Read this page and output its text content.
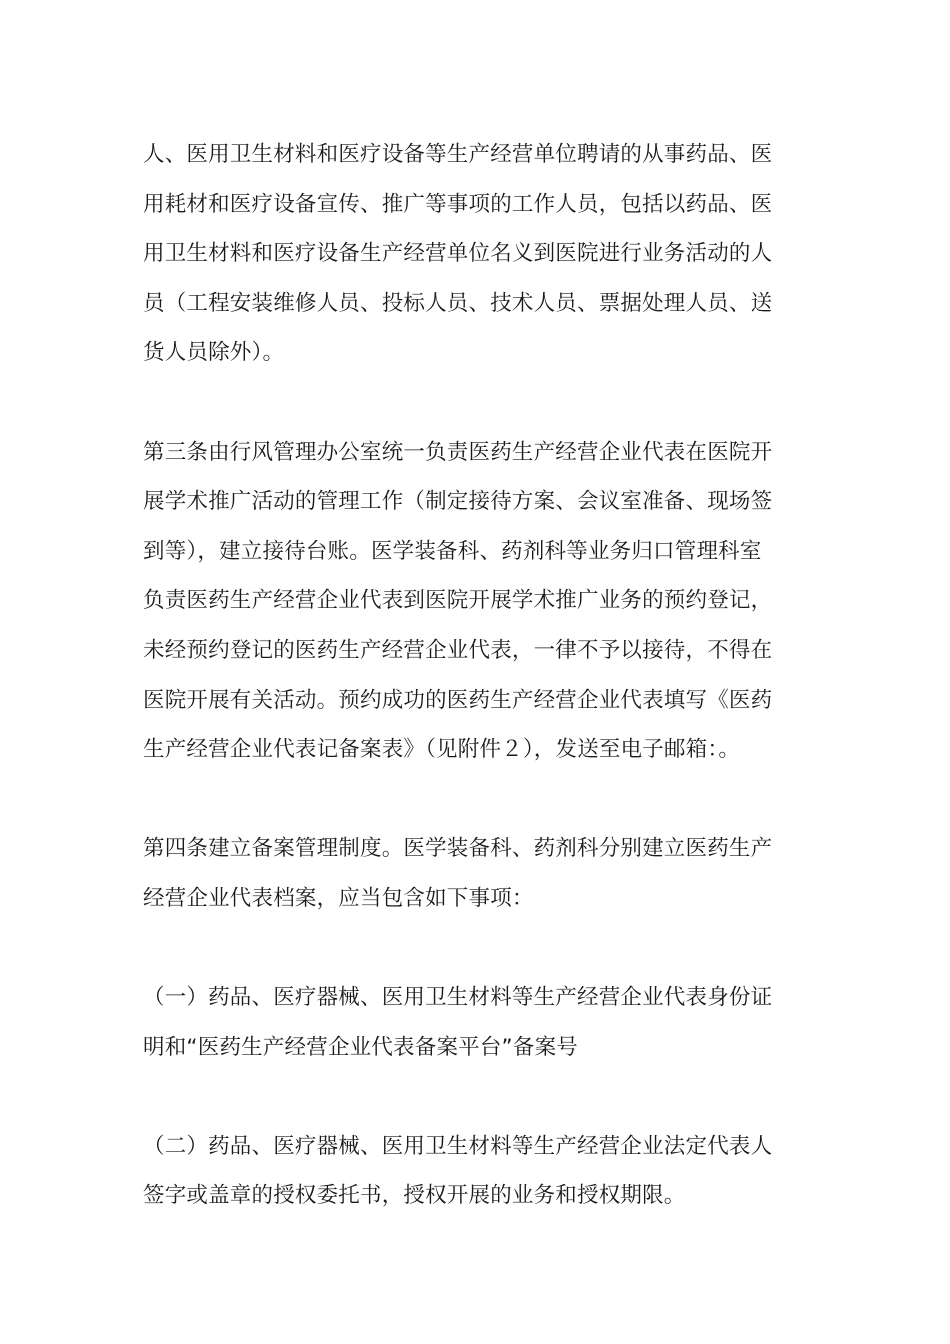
人、医用卫生材料和医疗设备等生产经营单位聘请的从事药品、医
用耗材和医疗设备宣传、推广等事项的工作人员，包括以药品、医
用卫生材料和医疗设备生产经营单位名义到医院进行业务活动的人
员（工程安装维修人员、投标人员、技术人员、票据处理人员、送
货人员除外）。
第三条由行风管理办公室统一负责医药生产经营企业代表在医院开
展学术推广活动的管理工作（制定接待方案、会议室准备、现场签
到等），建立接待台账。医学装备科、药剂科等业务归口管理科室
负责医药生产经营企业代表到医院开展学术推广业务的预约登记，
未经预约登记的医药生产经营企业代表，一律不予以接待，不得在
医院开展有关活动。预约成功的医药生产经营企业代表填写《医药
生产经营企业代表记备案表》（见附件２），发送至电子邮箱：。
第四条建立备案管理制度。医学装备科、药剂科分别建立医药生产
经营企业代表档案，应当包含如下事项：
（一）药品、医疗器械、医用卫生材料等生产经营企业代表身份证
明和“医药生产经营企业代表备案平台”备案号
（二）药品、医疗器械、医用卫生材料等生产经营企业法定代表人
签字或盖章的授权委托书，授权开展的业务和授权期限。
